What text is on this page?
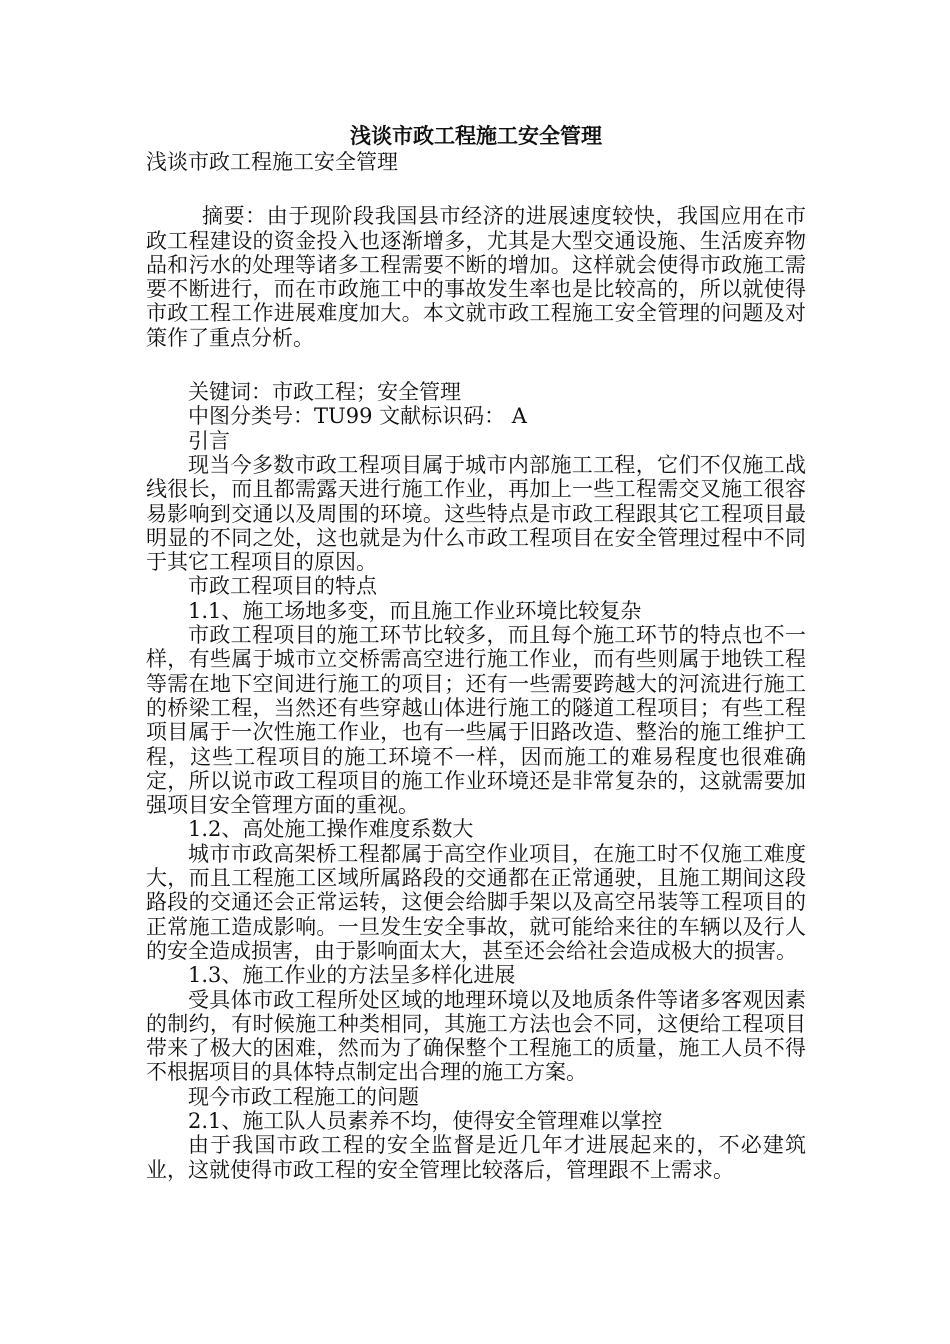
浅谈市政工程施工安全管理

浅谈市政工程施工安全管理

摘要：由于现阶段我国县市经济的进展速度较快，我国应用在市政工程建设的资金投入也逐渐增多，尤其是大型交通设施、生活废弃物品和污水的处理等诸多工程需要不断的增加。这样就会使得市政施工需要不断进行，而在市政施工中的事故发生率也是比较高的，所以就使得市政工程工作进展难度加大。本文就市政工程施工安全管理的问题及对策作了重点分析。

关键词：市政工程；安全管理

中图分类号：TU99 文献标识码： A

引言

现当今多数市政工程项目属于城市内部施工工程，它们不仅施工战线很长，而且都需露天进行施工作业，再加上一些工程需交叉施工很容易影响到交通以及周围的环境。这些特点是市政工程跟其它工程项目最明显的不同之处，这也就是为什么市政工程项目在安全管理过程中不同于其它工程项目的原因。

市政工程项目的特点

1.1、施工场地多变，而且施工作业环境比较复杂

市政工程项目的施工环节比较多，而且每个施工环节的特点也不一样，有些属于城市立交桥需高空进行施工作业，而有些则属于地铁工程等需在地下空间进行施工的项目；还有一些需要跨越大的河流进行施工的桥梁工程，当然还有些穿越山体进行施工的隧道工程项目；有些工程项目属于一次性施工作业，也有一些属于旧路改造、整治的施工维护工程，这些工程项目的施工环境不一样，因而施工的难易程度也很难确定，所以说市政工程项目的施工作业环境还是非常复杂的，这就需要加强项目安全管理方面的重视。

1.2、高处施工操作难度系数大

城市市政高架桥工程都属于高空作业项目，在施工时不仅施工难度大，而且工程施工区域所属路段的交通都在正常通驶，且施工期间这段路段的交通还会正常运转，这便会给脚手架以及高空吊装等工程项目的正常施工造成影响。一旦发生安全事故，就可能给来往的车辆以及行人的安全造成损害，由于影响面太大，甚至还会给社会造成极大的损害。

1.3、施工作业的方法呈多样化进展

受具体市政工程所处区域的地理环境以及地质条件等诸多客观因素的制约，有时候施工种类相同，其施工方法也会不同，这便给工程项目带来了极大的困难，然而为了确保整个工程施工的质量，施工人员不得不根据项目的具体特点制定出合理的施工方案。

现今市政工程施工的问题

2.1、施工队人员素养不均，使得安全管理难以掌控

由于我国市政工程的安全监督是近几年才进展起来的，不必建筑业，这就使得市政工程的安全管理比较落后，管理跟不上需求。
